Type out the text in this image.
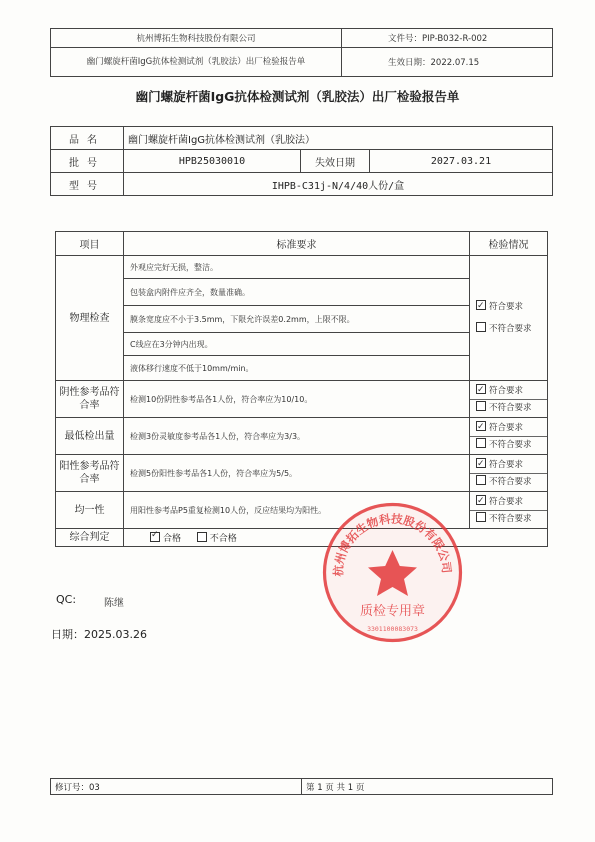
杭州博拓生物科技股份有限公司	文件号：PIP-B032-R-002
幽门螺旋杆菌IgG抗体检测试剂（乳胶法）出厂检验报告单	生效日期：2022.07.15
幽门螺旋杆菌IgG抗体检测试剂（乳胶法）出厂检验报告单
品名	幽门螺旋杆菌IgG抗体检测试剂（乳胶法）		
批号	HPB25030010	失效日期	2027.03.21
型号	IHPB-C31j-N/4/40人份/盒		
项目	标准要求	检验情况
物理检查	外观应完好无损，整洁。	
✓符合要求
不符合要求

	包装盒内附件应齐全，数量准确。	
	膜条宽度应不小于3.5mm，下限允许误差0.2mm，上限不限。	
	C线应在3分钟内出现。	
	液体移行速度不低于10mm/min。	
阴性参考品符合率	检测10份阴性参考品各1人份，符合率应为10/10。	
✓符合要求
不符合要求

最低检出量	检测3份灵敏度参考品各1人份，符合率应为3/3。	
✓符合要求
不符合要求

阳性参考品符合率	检测5份阳性参考品各1人份，符合率应为5/5。	
✓符合要求
不符合要求

均一性	用阳性参考品P5重复检测10人份，反应结果均为阳性。	
✓符合要求
不符合要求

综合判定	✓合格 不合格
QC:	陈继
日期：2025.03.26
杭州博拓生物科技股份有限公司
质检专用章
3301100083073
修订号：03	第 1 页 共 1 页
